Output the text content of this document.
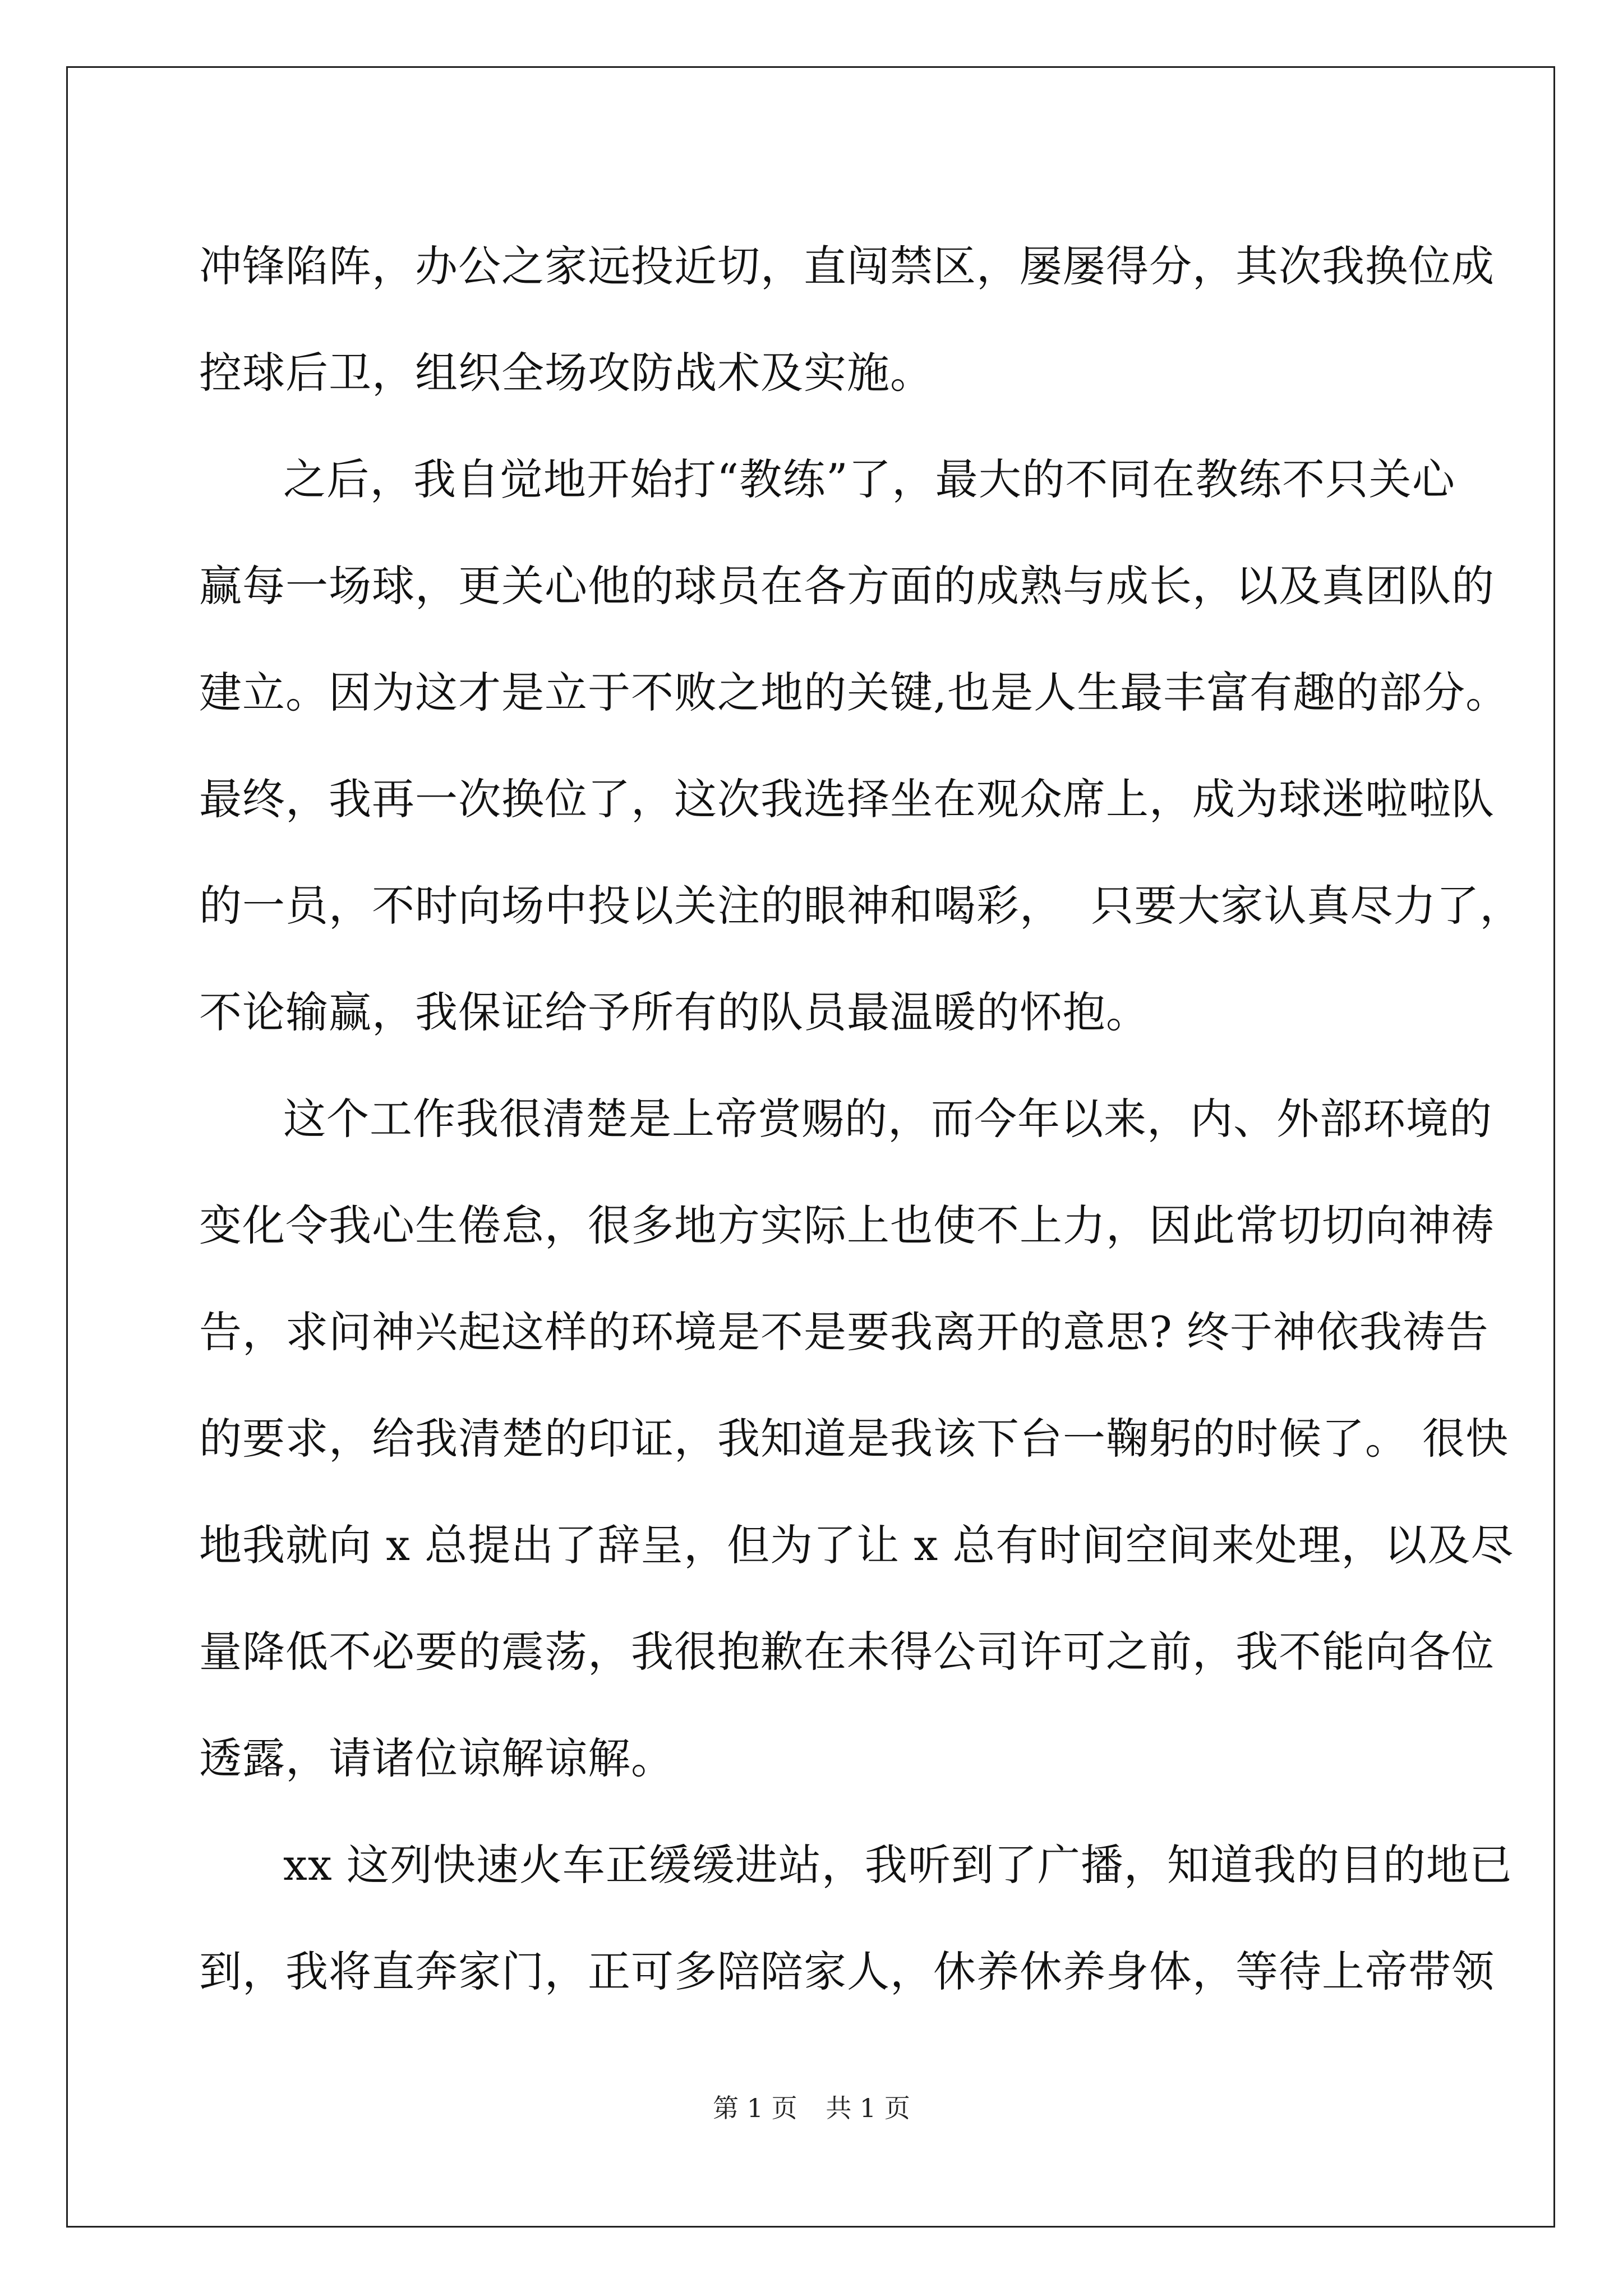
冲锋陷阵，办公之家远投近切，直闯禁区，屡屡得分，其次我换位成
控球后卫，组织全场攻防战术及实施。
之后，我自觉地开始打“教练”了，最大的不同在教练不只关心
赢每一场球，更关心他的球员在各方面的成熟与成长，以及真团队的
建立。因为这才是立于不败之地的关键,也是人生最丰富有趣的部分。
最终，我再一次换位了，这次我选择坐在观众席上，成为球迷啦啦队
的一员，不时向场中投以关注的眼神和喝彩，  只要大家认真尽力了，
不论输赢，我保证给予所有的队员最温暖的怀抱。
这个工作我很清楚是上帝赏赐的，而今年以来，内、外部环境的
变化令我心生倦怠，很多地方实际上也使不上力，因此常切切向神祷
告，求问神兴起这样的环境是不是要我离开的意思? 终于神依我祷告
的要求，给我清楚的印证，我知道是我该下台一鞠躬的时候了。 很快
地我就向 x 总提出了辞呈，但为了让 x 总有时间空间来处理，以及尽
量降低不必要的震荡，我很抱歉在未得公司许可之前，我不能向各位
透露，请诸位谅解谅解。
xx 这列快速火车正缓缓进站，我听到了广播，知道我的目的地已
到，我将直奔家门，正可多陪陪家人，休养休养身体，等待上帝带领
第 1 页 共 1 页
